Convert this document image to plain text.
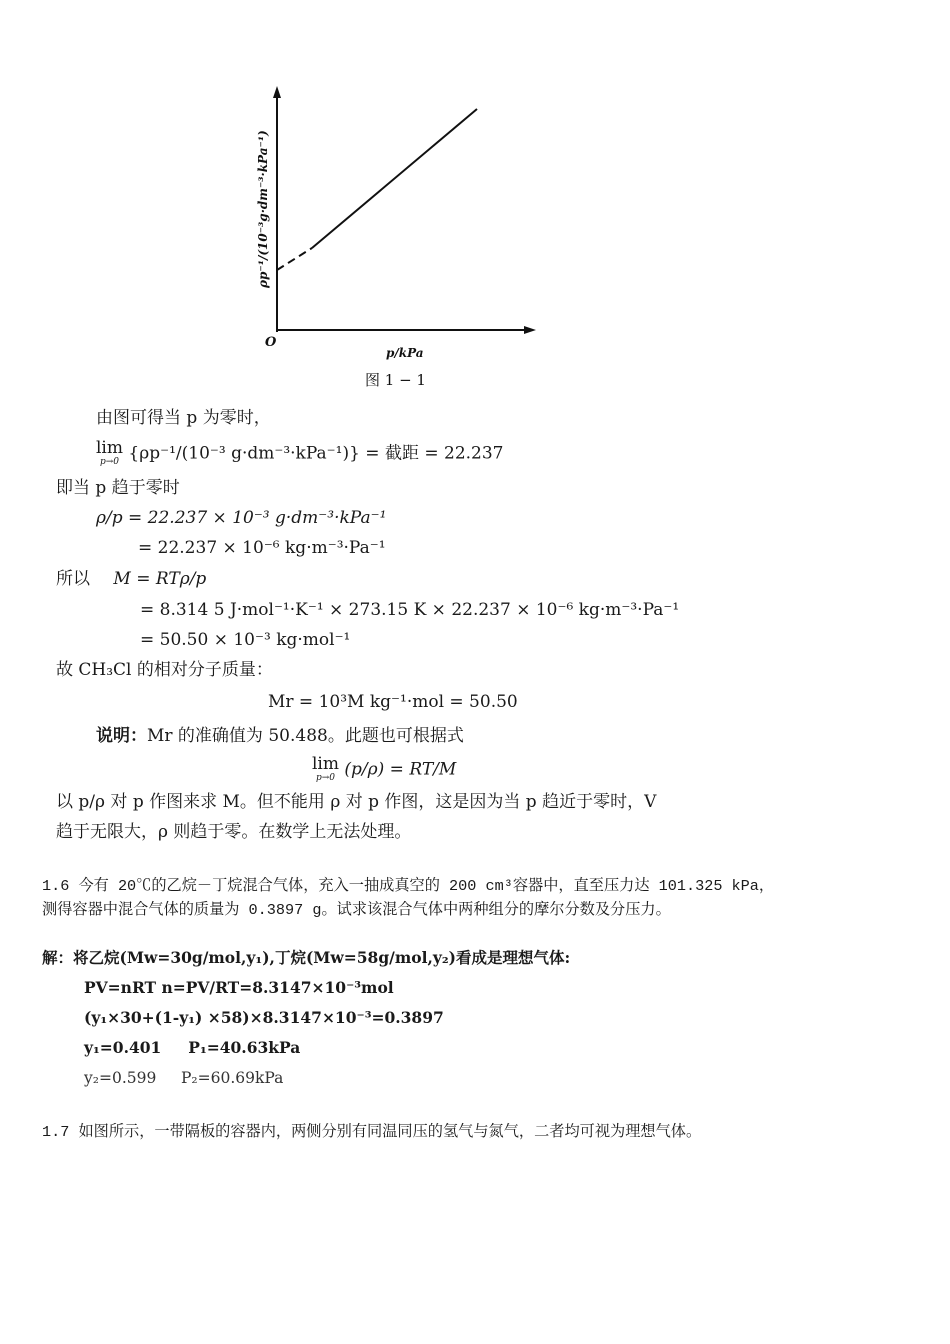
ρp⁻¹/(10⁻³g·dm⁻³·kPa⁻¹)
O
p/kPa
图 1 − 1
由图可得当 p 为零时，
lim
p→0 {ρp⁻¹/(10⁻³ g·dm⁻³·kPa⁻¹)} = 截距 = 22.237
即当 p 趋于零时
ρ/p = 22.237 × 10⁻³ g·dm⁻³·kPa⁻¹
= 22.237 × 10⁻⁶ kg·m⁻³·Pa⁻¹
所以 M = RTρ/p
= 8.314 5 J·mol⁻¹·K⁻¹ × 273.15 K × 22.237 × 10⁻⁶ kg·m⁻³·Pa⁻¹
= 50.50 × 10⁻³ kg·mol⁻¹
故 CH₃Cl 的相对分子质量：
Mr = 10³M kg⁻¹·mol = 50.50
说明：Mr 的准确值为 50.488。此题也可根据式
lim
p→0 (p/ρ) = RT/M
以 p/ρ 对 p 作图来求 M。但不能用 ρ 对 p 作图，这是因为当 p 趋近于零时，V
趋于无限大，ρ 则趋于零。在数学上无法处理。
1.6 今有 20℃的乙烷－丁烷混合气体，充入一抽成真空的 200 cm³容器中，直至压力达 101.325 kPa，
测得容器中混合气体的质量为 0.3897 g。试求该混合气体中两种组分的摩尔分数及分压力。
解：将乙烷(Mw=30g/mol,y₁),丁烷(Mw=58g/mol,y₂)看成是理想气体:
PV=nRT n=PV/RT=8.3147×10⁻³mol
(y₁×30+(1-y₁) ×58)×8.3147×10⁻³=0.3897
y₁=0.401     P₁=40.63kPa
y₂=0.599     P₂=60.69kPa
1.7 如图所示，一带隔板的容器内，两侧分别有同温同压的氢气与氮气，二者均可视为理想气体。
